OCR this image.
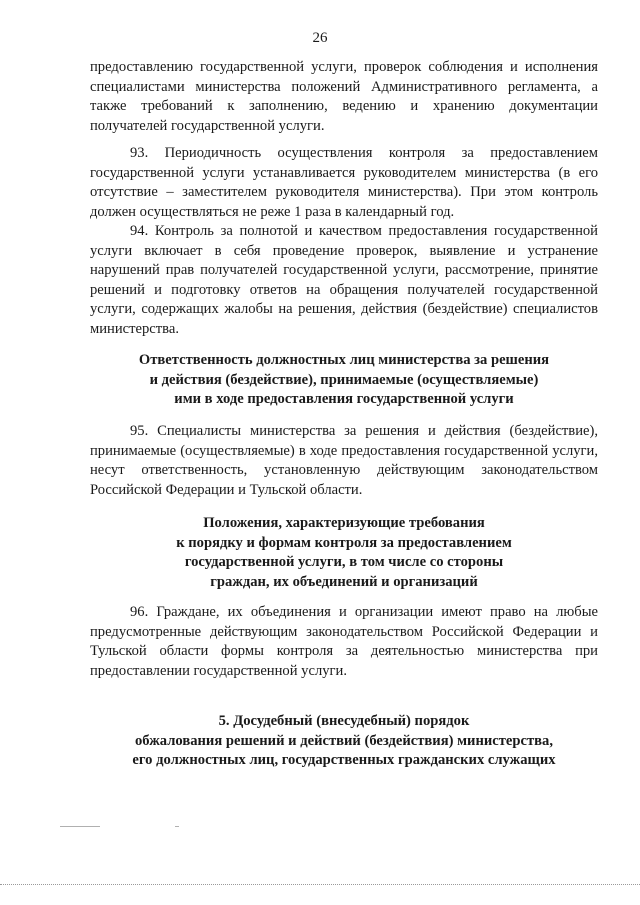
26

предоставлению государственной услуги, проверок соблюдения и исполнения специалистами министерства положений Административного регламента, а также требований к заполнению, ведению и хранению документации получателей государственной услуги.

93. Периодичность осуществления контроля за предоставлением государственной услуги устанавливается руководителем министерства (в его отсутствие – заместителем руководителя министерства). При этом контроль должен осуществляться не реже 1 раза в календарный год.

94. Контроль за полнотой и качеством предоставления государственной услуги включает в себя проведение проверок, выявление и устранение нарушений прав получателей государственной услуги, рассмотрение, принятие решений и подготовку ответов на обращения получателей государственной услуги, содержащих жалобы на решения, действия (бездействие) специалистов министерства.

Ответственность должностных лиц министерства за решения
и действия (бездействие), принимаемые (осуществляемые)
ими в ходе предоставления государственной услуги

95. Специалисты министерства за решения и действия (бездействие), принимаемые (осуществляемые) в ходе предоставления государственной услуги, несут ответственность, установленную действующим законодательством Российской Федерации и Тульской области.

Положения, характеризующие требования
к порядку и формам контроля за предоставлением
государственной услуги, в том числе со стороны
граждан, их объединений и организаций

96. Граждане, их объединения и организации имеют право на любые предусмотренные действующим законодательством Российской Федерации и Тульской области формы контроля за деятельностью министерства при предоставлении государственной услуги.

5. Досудебный (внесудебный) порядок
обжалования решений и действий (бездействия) министерства,
его должностных лиц, государственных гражданских служащих
